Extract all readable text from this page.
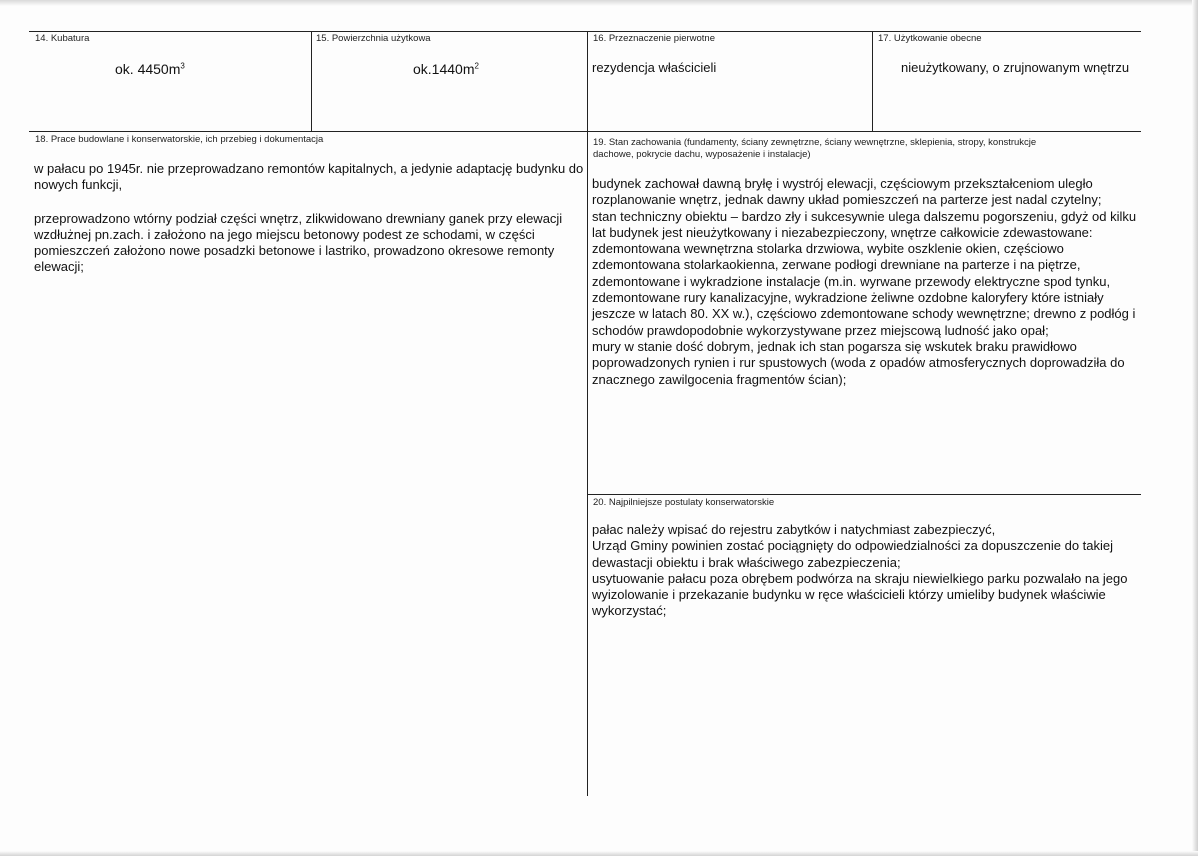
14. Kubatura
ok. $4450m^3$
15. Powierzchnia użytkowa
$ok.1440m^2$
16. Przeznaczenie pierwotne
rezydencja właścicieli
17. Użytkowanie obecne
nieużytkowany, o zrujnowanym wnętrzu
18. Prace budowlane i konserwatorskie, ich przebieg i dokumentacja

w pałacu po 1945r. nie przeprowadzano remontów kapitalnych, a jedynie adaptację budynku do nowych funkcji,

przeprowadzono wtórny podział części wnętrz, zlikwidowano drewniany ganek przy elewacji wzdłużnej pn.zach. i założono na jego miejscu betonowy podest ze schodami, w części pomieszczeń założono nowe posadzki betonowe i lastriko, prowadzono okresowe remonty elewacji;

19. Stan zachowania (fundamenty, ściany zewnętrzne, ściany wewnętrzne, sklepienia, stropy, konstrukcje dachowe, pokrycie dachu, wyposażenie i instalacje)

budynek zachował dawną bryłę i wystrój elewacji, częściowym przekształceniom uległo rozplanowanie wnętrz, jednak dawny układ pomieszczeń na parterze jest nadal czytelny;

stan techniczny obiektu – bardzo zły i sukcesywnie ulega dalszemu pogorszeniu, gdyż od kilku lat budynek jest nieużytkowany i niezabezpieczony, wnętrze całkowicie zdewastowane: zdemontowana wewnętrzna stolarka drzwiowa, wybite oszklenie okien, częściowo zdemontowana stolarkaokienna, zerwane podłogi drewniane na parterze i na piętrze, zdemontowane i wykradzione instalacje (m.in. wyrwane przewody elektryczne spod tynku, zdemontowane rury kanalizacyjne, wykradzione żeliwne ozdobne kaloryfery które istniały jeszcze w latach 80. XX w.), częściowo zdemontowane schody wewnętrzne; drewno z podłóg i schodów prawdopodobnie wykorzystywane przez miejscową ludność jako opał;

mury w stanie dość dobrym, jednak ich stan pogarsza się wskutek braku prawidłowo poprowadzonych rynien i rur spustowych (woda z opadów atmosferycznych doprowadziła do znacznego zawilgocenia fragmentów ścian);

20. Najpilniejsze postulaty konserwatorskie

pałac należy wpisać do rejestru zabytków i natychmiast zabezpieczyć,

Urząd Gminy powinien zostać pociągnięty do odpowiedzialności za dopuszczenie do takiej dewastacji obiektu i brak właściwego zabezpieczenia;

usytuowanie pałacu poza obrębem podwórza na skraju niewielkiego parku pozwalało na jego wyizolowanie i przekazanie budynku w ręce właścicieli którzy umieliby budynek właściwie wykorzystać;
